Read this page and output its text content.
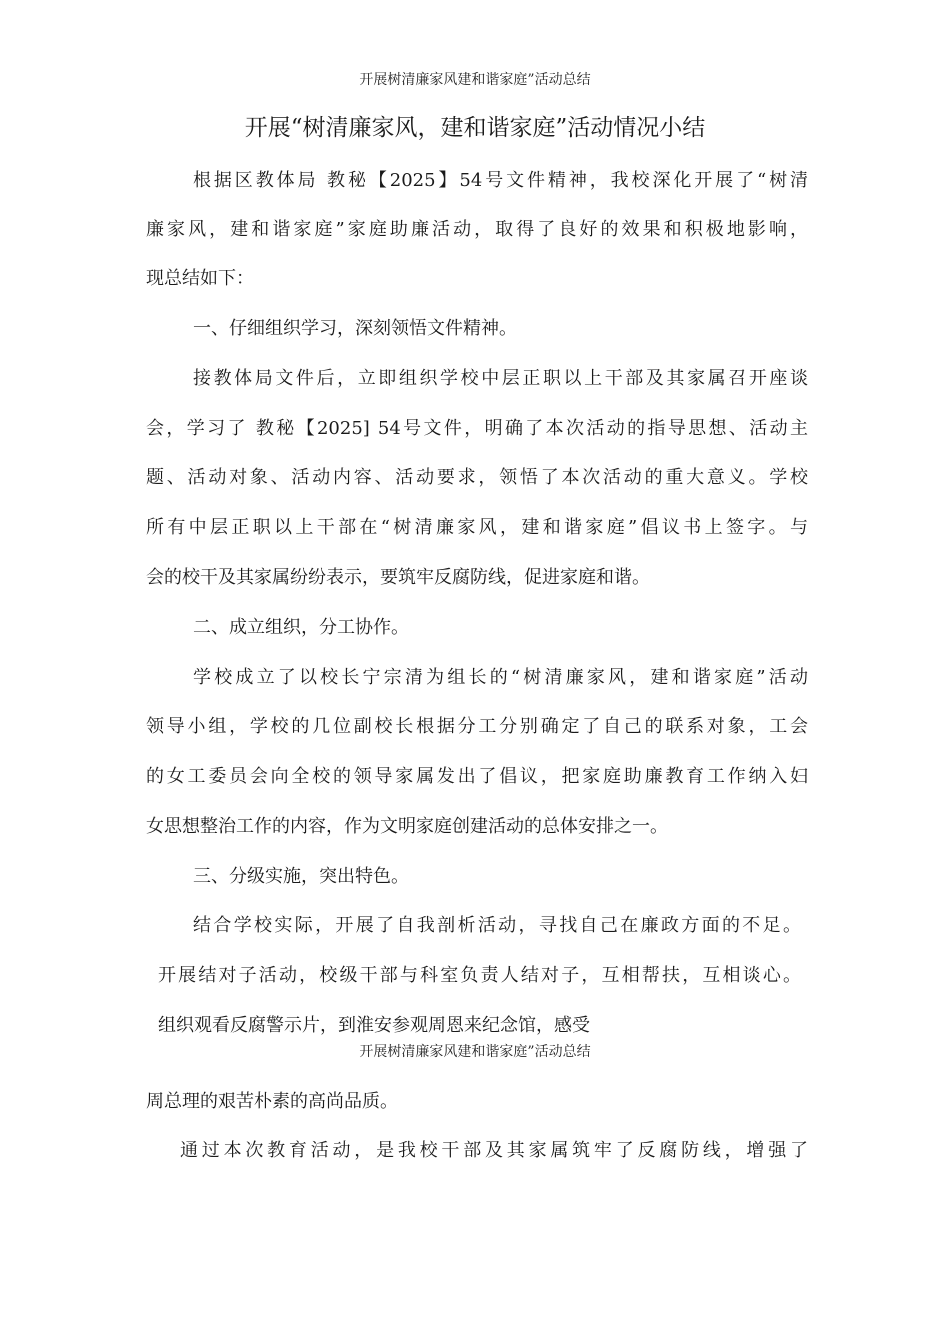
开展树清廉家风建和谐家庭”活动总结
开展“树清廉家风，建和谐家庭”活动情况小结
根据区教体局 教秘【2025】54号文件精神，我校深化开展了“树清
廉家风，建和谐家庭”家庭助廉活动，取得了良好的效果和积极地影响，
现总结如下：
一、仔细组织学习，深刻领悟文件精神。
接教体局文件后，立即组织学校中层正职以上干部及其家属召开座谈
会，学习了 教秘【2025] 54号文件，明确了本次活动的指导思想、活动主
题、活动对象、活动内容、活动要求，领悟了本次活动的重大意义。学校
所有中层正职以上干部在“树清廉家风，建和谐家庭”倡议书上签字。与
会的校干及其家属纷纷表示，要筑牢反腐防线，促进家庭和谐。
二、成立组织，分工协作。
学校成立了以校长宁宗清为组长的“树清廉家风，建和谐家庭”活动
领导小组，学校的几位副校长根据分工分别确定了自己的联系对象，工会
的女工委员会向全校的领导家属发出了倡议，把家庭助廉教育工作纳入妇
女思想整治工作的内容，作为文明家庭创建活动的总体安排之一。
三、分级实施，突出特色。
结合学校实际，开展了自我剖析活动，寻找自己在廉政方面的不足。
开展结对子活动，校级干部与科室负责人结对子，互相帮扶，互相谈心。
组织观看反腐警示片，到淮安参观周恩来纪念馆，感受
开展树清廉家风建和谐家庭”活动总结
周总理的艰苦朴素的高尚品质。
通过本次教育活动，是我校干部及其家属筑牢了反腐防线，增强了
